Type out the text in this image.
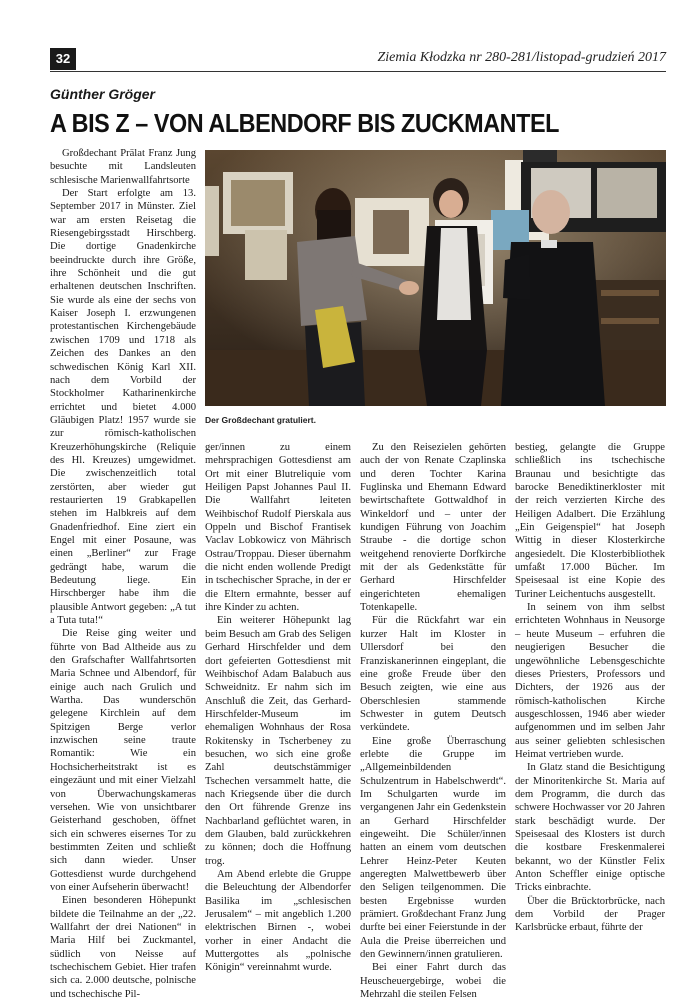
32	Ziemia Kłodzka nr 280-281/listopad-grudzień 2017
Günther Gröger
A BIS Z – VON ALBENDORF BIS ZUCKMANTEL

Großdechant Prälat Franz Jung besuchte mit Landsleuten schlesische Marienwallfahrtsorte

Der Start erfolgte am 13. September 2017 in Münster. Ziel war am ersten Reisetag die Riesengebirgsstadt Hirschberg. Die dortige Gnadenkirche beeindruckte durch ihre Größe, ihre Schönheit und die gut erhaltenen deutschen Inschriften. Sie wurde als eine der sechs von Kaiser Joseph I. erzwungenen protestantischen Kirchengebäude zwischen 1709 und 1718 als Zeichen des Dankes an den schwedischen König Karl XII. nach dem Vorbild der Stockholmer Katharinenkirche errichtet und bietet 4.000 Gläubigen Platz! 1957 wurde sie zur römisch-katholischen Kreuzerhöhungskirche (Reliquie des Hl. Kreuzes) umgewidmet. Die zwischenzeitlich total zerstörten, aber wieder gut restaurierten 19 Grabkapellen stehen im Halbkreis auf dem Gnadenfriedhof. Eine ziert ein Engel mit einer Posaune, was einen „Berliner“ zur Frage gedrängt habe, warum die Bedeutung liege. Ein Hirschberger habe ihm die plausible Antwort gegeben: „A tut a Tuta tuta!“

Die Reise ging weiter und führte von Bad Altheide aus zu den Grafschafter Wallfahrtsorten Maria Schnee und Albendorf, für einige auch nach Grulich und Wartha. Das wunderschön gelegene Kirchlein auf dem Spitzigen Berge verlor inzwischen seine traute Romantik: Wie ein Hochsicherheitstrakt ist es eingezäunt und mit einer Vielzahl von Überwachungskameras versehen. Wie von unsichtbarer Geisterhand geschoben, öffnet sich ein schweres eisernes Tor zu bestimmten Zeiten und schließt sich dann wieder. Unser Gottesdienst wurde durchgehend von einer Aufseherin überwacht!

Einen besonderen Höhepunkt bildete die Teilnahme an der „22. Wallfahrt der drei Nationen“ in Maria Hilf bei Zuckmantel, südlich von Neisse auf tschechischem Gebiet. Hier trafen sich ca. 2.000 deutsche, polnische und tschechische Pil-

Der Großdechant gratuliert.

ger/innen zu einem mehrsprachigen Gottesdienst am Ort mit einer Blutreliquie vom Heiligen Papst Johannes Paul II. Die Wallfahrt leiteten Weihbischof Rudolf Pierskala aus Oppeln und Bischof Frantisek Vaclav Lobkowicz von Mährisch Ostrau/Troppau. Dieser übernahm die nicht enden wollende Predigt in tschechischer Sprache, in der er die Eltern ermahnte, besser auf ihre Kinder zu achten.

Ein weiterer Höhepunkt lag beim Besuch am Grab des Seligen Gerhard Hirschfelder und dem dort gefeierten Gottesdienst mit Weihbischof Adam Balabuch aus Schweidnitz. Er nahm sich im Anschluß die Zeit, das Gerhard-Hirschfelder-Museum im ehemaligen Wohnhaus der Rosa Rokitensky in Tscherbeney zu besuchen, wo sich eine große Zahl deutschstämmiger Tschechen versammelt hatte, die nach Kriegsende über die durch den Ort führende Grenze ins Nachbarland geflüchtet waren, in dem Glauben, bald zurückkehren zu können; doch die Hoffnung trog.

Am Abend erlebte die Gruppe die Beleuchtung der Albendorfer Basilika im „schlesischen Jerusalem“ – mit angeblich 1.200 elektrischen Birnen -, wobei vorher in einer Andacht die Muttergottes als „polnische Königin“ vereinnahmt wurde.

Zu den Reisezielen gehörten auch der von Renate Czaplinska und deren Tochter Karina Fuglinska und Ehemann Edward bewirtschaftete Gottwaldhof in Winkeldorf und – unter der kundigen Führung von Joachim Straube - die dortige schon weitgehend renovierte Dorfkirche mit der als Gedenkstätte für Gerhard Hirschfelder eingerichteten ehemaligen Totenkapelle.

Für die Rückfahrt war ein kurzer Halt im Kloster in Ullersdorf bei den Franziskanerinnen eingeplant, die eine große Freude über den Besuch zeigten, wie eine aus Oberschlesien stammende Schwester in gutem Deutsch verkündete.

Eine große Überraschung erlebte die Gruppe im „Allgemeinbildenden Schulzentrum in Habelschwerdt“. Im Schulgarten wurde im vergangenen Jahr ein Gedenkstein an Gerhard Hirschfelder eingeweiht. Die Schüler/innen hatten an einem vom deutschen Lehrer Heinz-Peter Keuten angeregten Malwettbewerb über den Seligen teilgenommen. Die besten Ergebnisse wurden prämiert. Großdechant Franz Jung durfte bei einer Feierstunde in der Aula die Preise überreichen und den Gewinnern/innen gratulieren.

Bei einer Fahrt durch das Heuscheuergebirge, wobei die Mehrzahl die steilen Felsen

bestieg, gelangte die Gruppe schließlich ins tschechische Braunau und besichtigte das barocke Benediktinerkloster mit der reich verzierten Kirche des Heiligen Adalbert. Die Erzählung „Ein Geigenspiel“ hat Joseph Wittig in dieser Klosterkirche angesiedelt. Die Klosterbibliothek umfaßt 17.000 Bücher. Im Speisesaal ist eine Kopie des Turiner Leichentuchs ausgestellt.

In seinem von ihm selbst errichteten Wohnhaus in Neusorge – heute Museum – erfuhren die neugierigen Besucher die ungewöhnliche Lebensgeschichte dieses Priesters, Professors und Dichters, der 1926 aus der römisch-katholischen Kirche ausgeschlossen, 1946 aber wieder aufgenommen und im selben Jahr aus seiner geliebten schlesischen Heimat vertrieben wurde.

In Glatz stand die Besichtigung der Minoritenkirche St. Maria auf dem Programm, die durch das schwere Hochwasser vor 20 Jahren stark beschädigt wurde. Der Speisesaal des Klosters ist durch die kostbare Freskenmalerei bekannt, wo der Künstler Felix Anton Scheffler einige optische Tricks einbrachte.

Über die Brücktorbrücke, nach dem Vorbild der Prager Karlsbrücke erbaut, führte der
